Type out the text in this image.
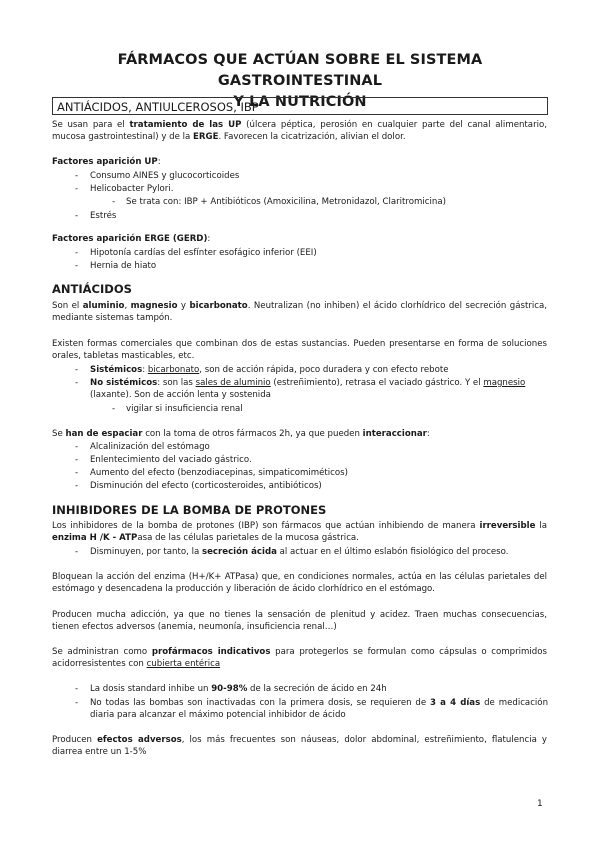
FÁRMACOS QUE ACTÚAN SOBRE EL SISTEMA GASTROINTESTINAL
Y LA NUTRICIÓN
ANTIÁCIDOS, ANTIULCEROSOS, IBP
Se usan para el tratamiento de las UP (úlcera péptica, perosión en cualquier parte del canal alimentario, mucosa gastrointestinal) y de la ERGE. Favorecen la cicatrización, alivian el dolor.
Factores aparición UP:
- Consumo AINES y glucocorticoides
- Helicobacter Pylori.
- Se trata con: IBP + Antibióticos (Amoxicilina, Metronidazol, Claritromicina)
- Estrés
Factores aparición ERGE (GERD):
- Hipotonía cardías del esfínter esofágico inferior (EEI)
- Hernia de hiato
ANTIÁCIDOS
Son el aluminio, magnesio y bicarbonato. Neutralizan (no inhiben) el ácido clorhídrico del secreción gástrica, mediante sistemas tampón.
Existen formas comerciales que combinan dos de estas sustancias. Pueden presentarse en forma de soluciones orales, tabletas masticables, etc.
- Sistémicos: bicarbonato, son de acción rápida, poco duradera y con efecto rebote
- No sistémicos: son las sales de aluminio (estreñimiento), retrasa el vaciado gástrico. Y el magnesio (laxante). Son de acción lenta y sostenida
- vigilar si insuficiencia renal
Se han de espaciar con la toma de otros fármacos 2h, ya que pueden interaccionar:
- Alcalinización del estómago
- Enlentecimiento del vaciado gástrico.
- Aumento del efecto (benzodiacepinas, simpaticomiméticos)
- Disminución del efecto (corticosteroides, antibióticos)
INHIBIDORES DE LA BOMBA DE PROTONES
Los inhibidores de la bomba de protones (IBP) son fármacos que actúan inhibiendo de manera irreversible la enzima H /K - ATPasa de las células parietales de la mucosa gástrica.
- Disminuyen, por tanto, la secreción ácida al actuar en el último eslabón fisiológico del proceso.
Bloquean la acción del enzima (H+/K+ ATPasa) que, en condiciones normales, actúa en las células parietales del estómago y desencadena la producción y liberación de ácido clorhídrico en el estómago.
Producen mucha adicción, ya que no tienes la sensación de plenitud y acidez. Traen muchas consecuencias, tienen efectos adversos (anemia, neumonía, insuficiencia renal…)
Se administran como profármacos indicativos para protegerlos se formulan como cápsulas o comprimidos acidorresistentes con cubierta entérica
- La dosis standard inhibe un 90-98% de la secreción de ácido en 24h
- No todas las bombas son inactivadas con la primera dosis, se requieren de 3 a 4 días de medicación diaria para alcanzar el máximo potencial inhibidor de ácido
Producen efectos adversos, los más frecuentes son náuseas, dolor abdominal, estreñimiento, flatulencia y diarrea entre un 1-5%
1
